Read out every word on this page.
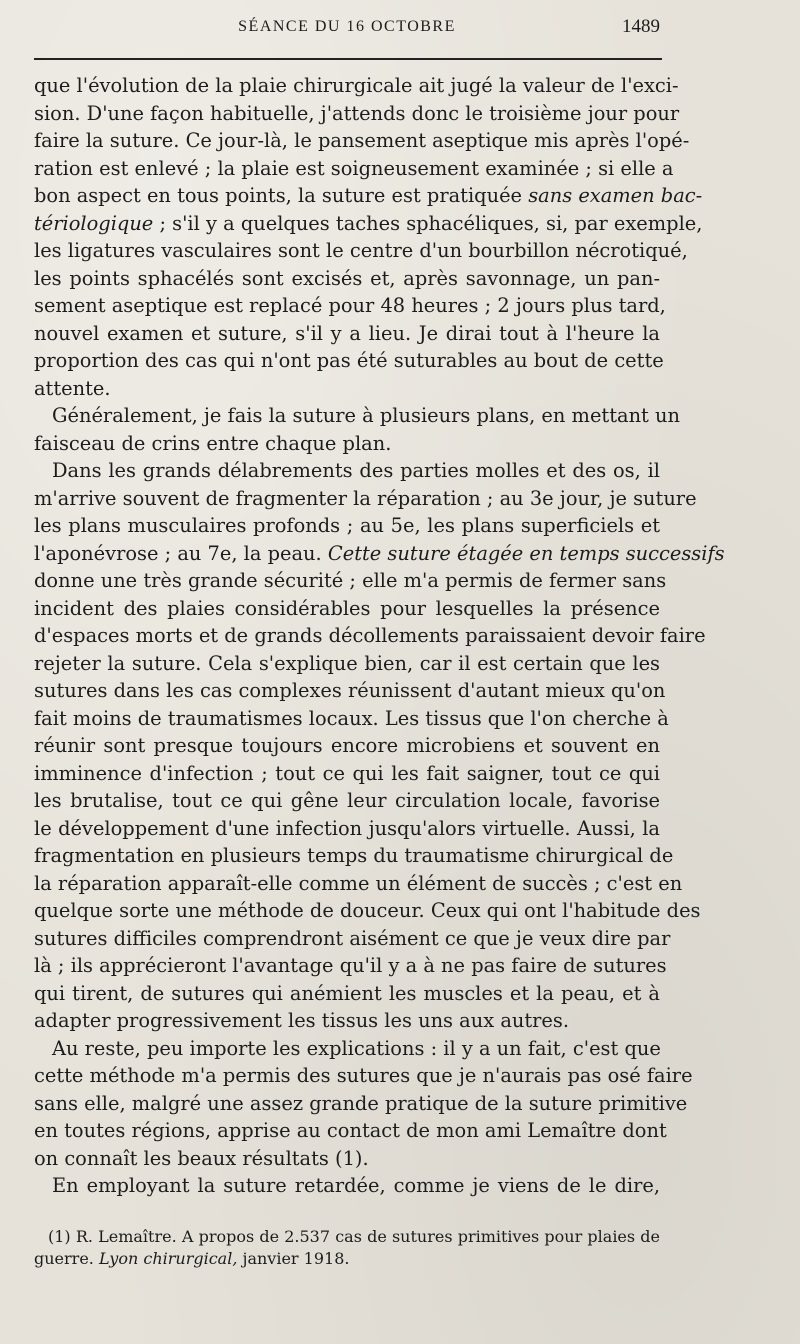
SÉANCE DU 16 OCTOBRE	1489
que l'évolution de la plaie chirurgicale ait jugé la valeur de l'exci-
sion. D'une façon habituelle, j'attends donc le troisième jour pour
faire la suture. Ce jour-là, le pansement aseptique mis après l'opé-
ration est enlevé ; la plaie est soigneusement examinée ; si elle a
bon aspect en tous points, la suture est pratiquée sans examen bac-
tériologique ; s'il y a quelques taches sphacéliques, si, par exemple,
les ligatures vasculaires sont le centre d'un bourbillon nécrotiqué,
les points sphacélés sont excisés et, après savonnage, un pan-
sement aseptique est replacé pour 48 heures ; 2 jours plus tard,
nouvel examen et suture, s'il y a lieu. Je dirai tout à l'heure la
proportion des cas qui n'ont pas été suturables au bout de cette
attente.
Généralement, je fais la suture à plusieurs plans, en mettant un
faisceau de crins entre chaque plan.
Dans les grands délabrements des parties molles et des os, il
m'arrive souvent de fragmenter la réparation ; au 3e jour, je suture
les plans musculaires profonds ; au 5e, les plans superficiels et
l'aponévrose ; au 7e, la peau. Cette suture étagée en temps successifs
donne une très grande sécurité ; elle m'a permis de fermer sans
incident des plaies considérables pour lesquelles la présence
d'espaces morts et de grands décollements paraissaient devoir faire
rejeter la suture. Cela s'explique bien, car il est certain que les
sutures dans les cas complexes réunissent d'autant mieux qu'on
fait moins de traumatismes locaux. Les tissus que l'on cherche à
réunir sont presque toujours encore microbiens et souvent en
imminence d'infection ; tout ce qui les fait saigner, tout ce qui
les brutalise, tout ce qui gêne leur circulation locale, favorise
le développement d'une infection jusqu'alors virtuelle. Aussi, la
fragmentation en plusieurs temps du traumatisme chirurgical de
la réparation apparaît-elle comme un élément de succès ; c'est en
quelque sorte une méthode de douceur. Ceux qui ont l'habitude des
sutures difficiles comprendront aisément ce que je veux dire par
là ; ils apprécieront l'avantage qu'il y a à ne pas faire de sutures
qui tirent, de sutures qui anémient les muscles et la peau, et à
adapter progressivement les tissus les uns aux autres.
Au reste, peu importe les explications : il y a un fait, c'est que
cette méthode m'a permis des sutures que je n'aurais pas osé faire
sans elle, malgré une assez grande pratique de la suture primitive
en toutes régions, apprise au contact de mon ami Lemaître dont
on connaît les beaux résultats (1).
En employant la suture retardée, comme je viens de le dire,
(1) R. Lemaître. A propos de 2.537 cas de sutures primitives pour plaies de
guerre. Lyon chirurgical, janvier 1918.
